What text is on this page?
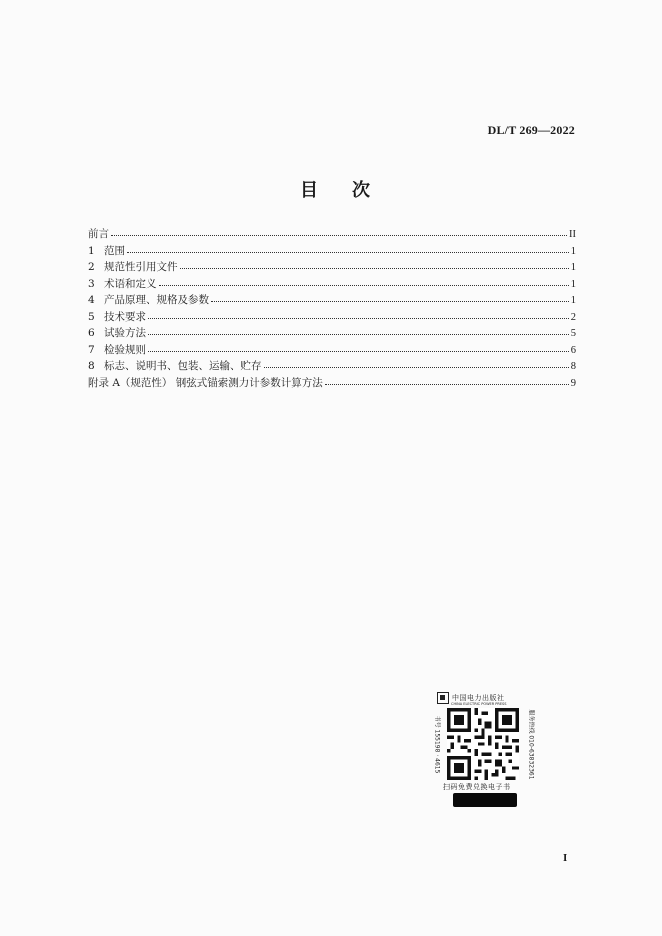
DL/T 269—2022
目 次
前言	II
1 范围	1
2 规范性引用文件	1
3 术语和定义	1
4 产品原理、规格及参数	1
5 技术要求	2
6 试验方法	5
7 检验规则	6
8 标志、说明书、包装、运输、贮存	8
附录 A（规范性） 钢弦式锚索测力计参数计算方法	9
中国电力出版社
CHINA ELECTRIC POWER PRESS
书号 155198 · 4615	服务热线 010-63832361
扫码免费兑换电子书
I
